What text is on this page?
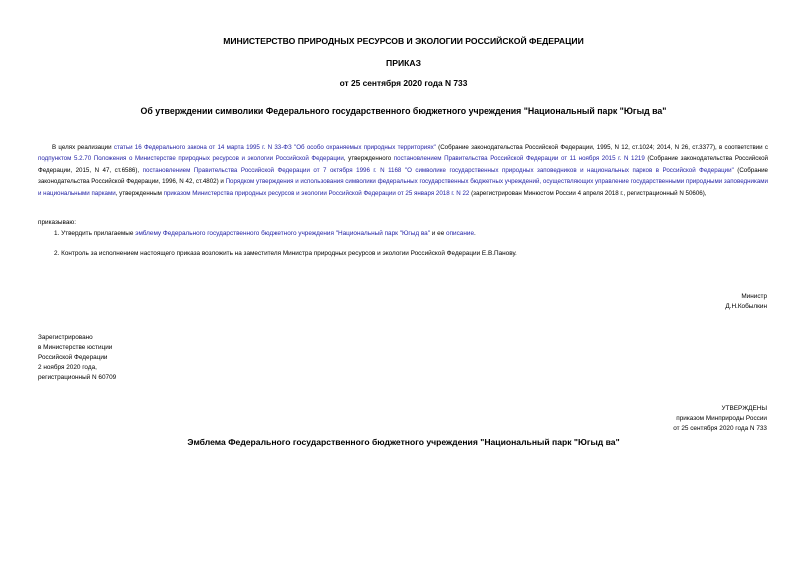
МИНИСТЕРСТВО ПРИРОДНЫХ РЕСУРСОВ И ЭКОЛОГИИ РОССИЙСКОЙ ФЕДЕРАЦИИ
ПРИКАЗ
от 25 сентября 2020 года N 733
Об утверждении символики Федерального государственного бюджетного учреждения "Национальный парк "Югыд ва"
В целях реализации статьи 16 Федерального закона от 14 марта 1995 г. N 33-ФЗ "Об особо охраняемых природных территориях" (Собрание законодательства Российской Федерации, 1995, N 12, ст.1024; 2014, N 26, ст.3377), в соответствии с подпунктом 5.2.70 Положения о Министерстве природных ресурсов и экологии Российской Федерации, утвержденного постановлением Правительства Российской Федерации от 11 ноября 2015 г. N 1219 (Собрание законодательства Российской Федерации, 2015, N 47, ст.6586), постановлением Правительства Российской Федерации от 7 октября 1996 г. N 1168 "О символике государственных природных заповедников и национальных парков в Российской Федерации" (Собрание законодательства Российской Федерации, 1996, N 42, ст.4802) и Порядком утверждения и использования символики федеральных государственных бюджетных учреждений, осуществляющих управление государственными природными заповедниками и национальными парками, утвержденным приказом Министерства природных ресурсов и экологии Российской Федерации от 25 января 2018 г. N 22 (зарегистрирован Минюстом России 4 апреля 2018 г., регистрационный N 50606),
приказываю:
1. Утвердить прилагаемые эмблему Федерального государственного бюджетного учреждения "Национальный парк "Югыд ва" и ее описание.
2. Контроль за исполнением настоящего приказа возложить на заместителя Министра природных ресурсов и экологии Российской Федерации Е.В.Панову.
Министр
Д.Н.Кобылкин
Зарегистрировано
в Министерстве юстиции
Российской Федерации
2 ноября 2020 года,
регистрационный N 60709
УТВЕРЖДЕНЫ
приказом Минприроды России
от 25 сентября 2020 года N 733
Эмблема Федерального государственного бюджетного учреждения "Национальный парк "Югыд ва"
